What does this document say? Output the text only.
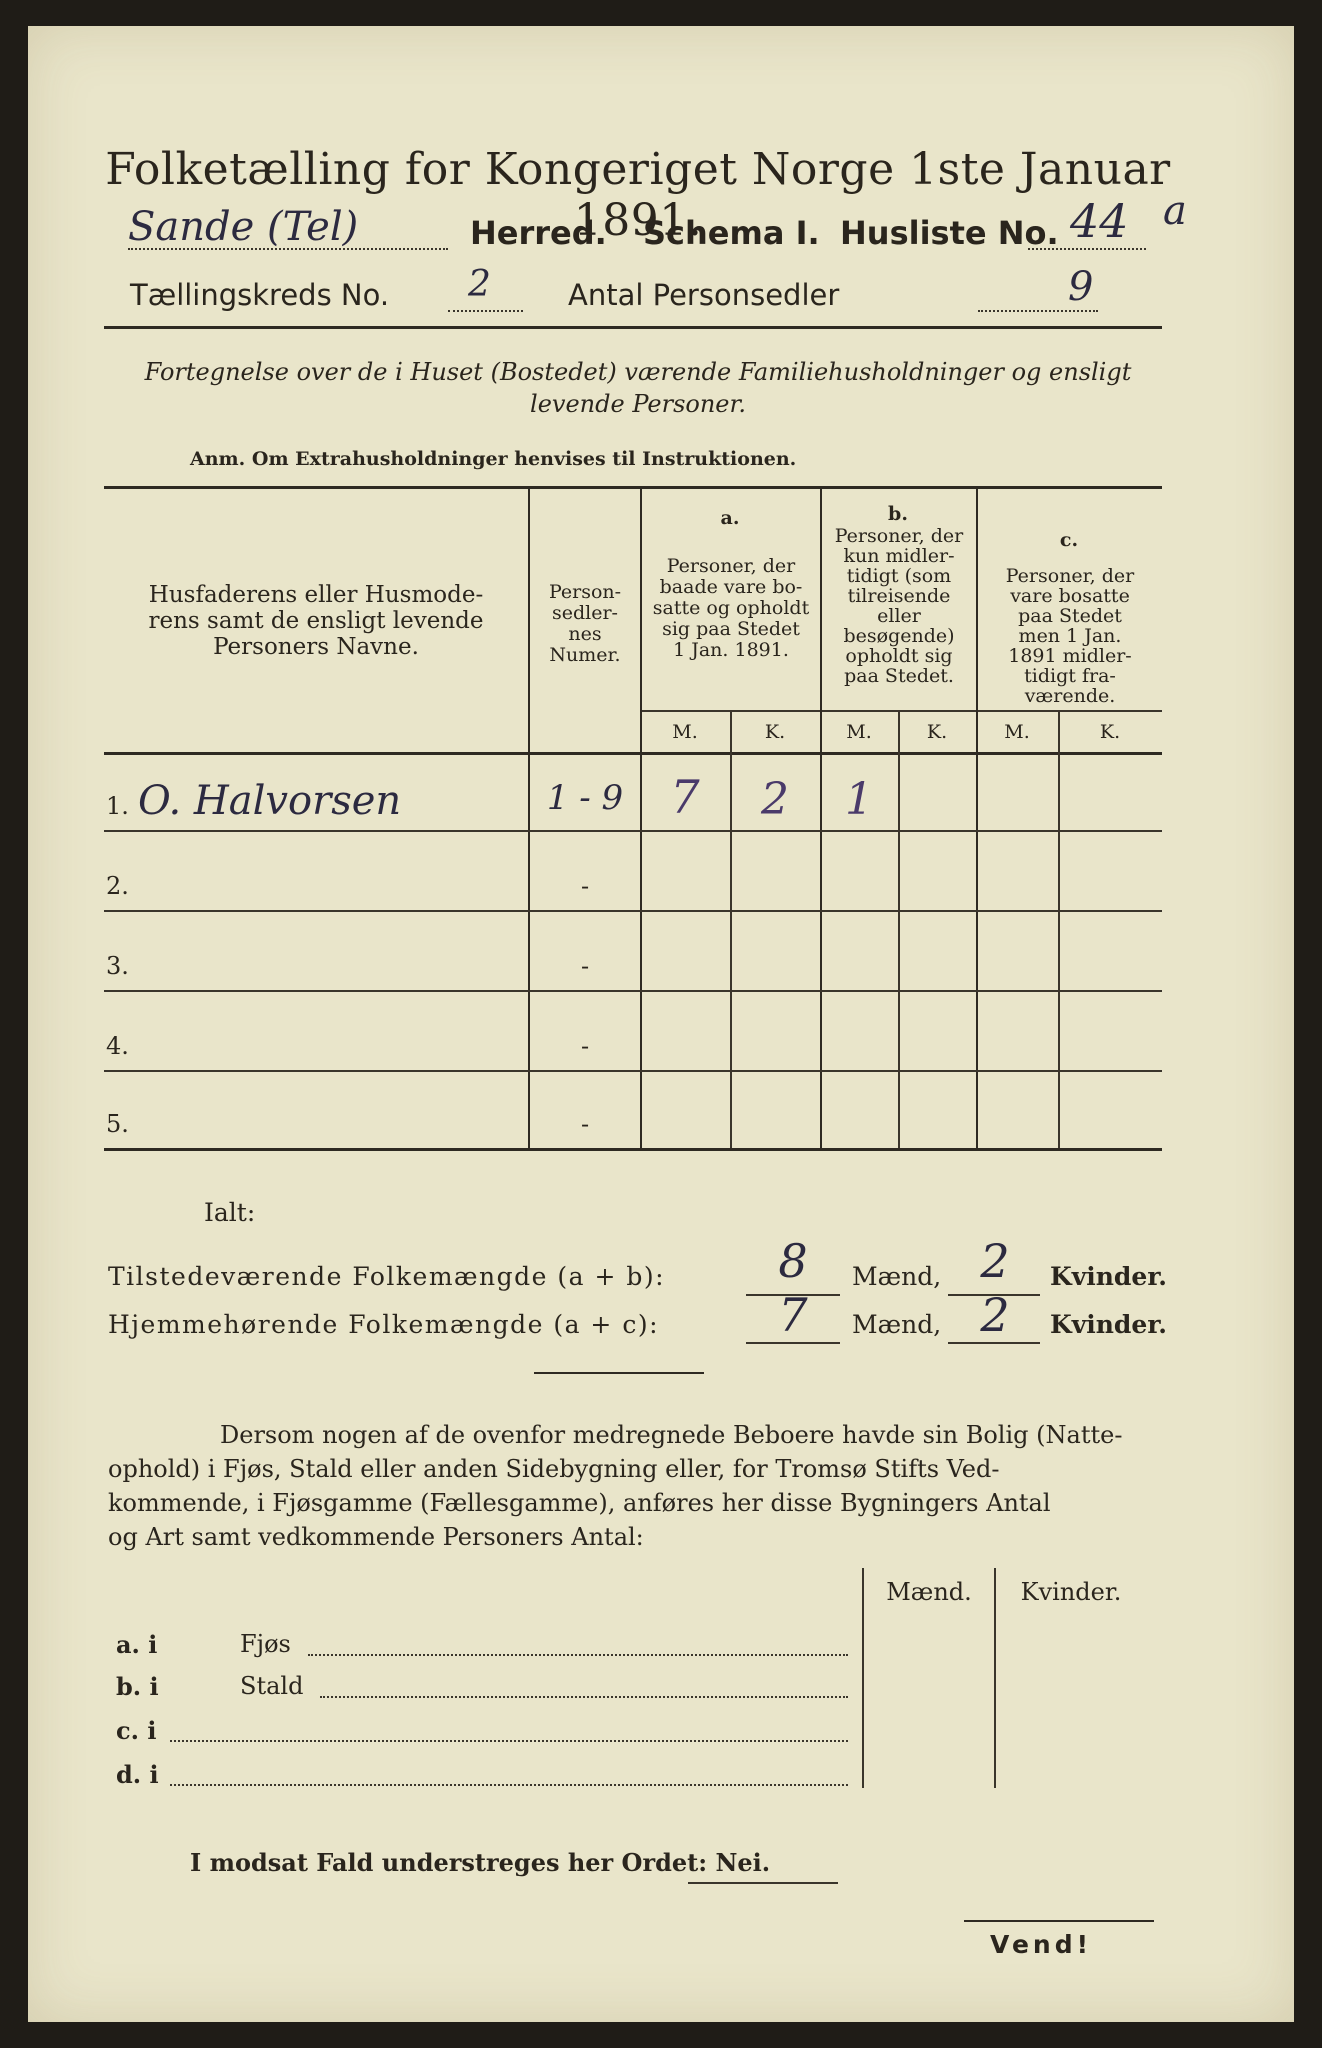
Folketælling for Kongeriget Norge 1ste Januar 1891.
Sande (Tel)	Herred. Schema I. Husliste No. 44 a
Tællingskreds No. 2	Antal Personsedler	9
Fortegnelse over de i Huset (Bostedet) værende Familiehusholdninger og ensligt
levende Personer.
Anm. Om Extrahusholdninger henvises til Instruktionen.
Husfaderens eller Husmode-
rens samt de ensligt levende
Personers Navne.
Person-
sedler-
nes
Numer.
a.
Personer, der
baade vare bo-
satte og opholdt
sig paa Stedet
1 Jan. 1891.
b.
Personer, der
kun midler-
tidigt (som
tilreisende
eller
besøgende)
opholdt sig
paa Stedet.
c.
Personer, der
vare bosatte
paa Stedet
men 1 Jan.
1891 midler-
tidigt fra-
værende.
M.	K.	M.	K.	M.	K.
1. O. Halvorsen	1 - 9	7	2	1
2.	-
3.	-
4.	-
5.	-
Ialt:
Tilstedeværende Folkemængde (a + b):	8	Mænd, 2	Kvinder.
Hjemmehørende Folkemængde (a + c):	7	Mænd, 2	Kvinder.
Dersom nogen af de ovenfor medregnede Beboere havde sin Bolig (Natte-
ophold) i Fjøs, Stald eller anden Sidebygning eller, for Tromsø Stifts Ved-
kommende, i Fjøsgamme (Fællesgamme), anføres her disse Bygningers Antal
og Art samt vedkommende Personers Antal:
Mænd.	Kvinder.
a. i	Fjøs
b. i	Stald
c. i
d. i
I modsat Fald understreges her Ordet: Nei.
Vend!
